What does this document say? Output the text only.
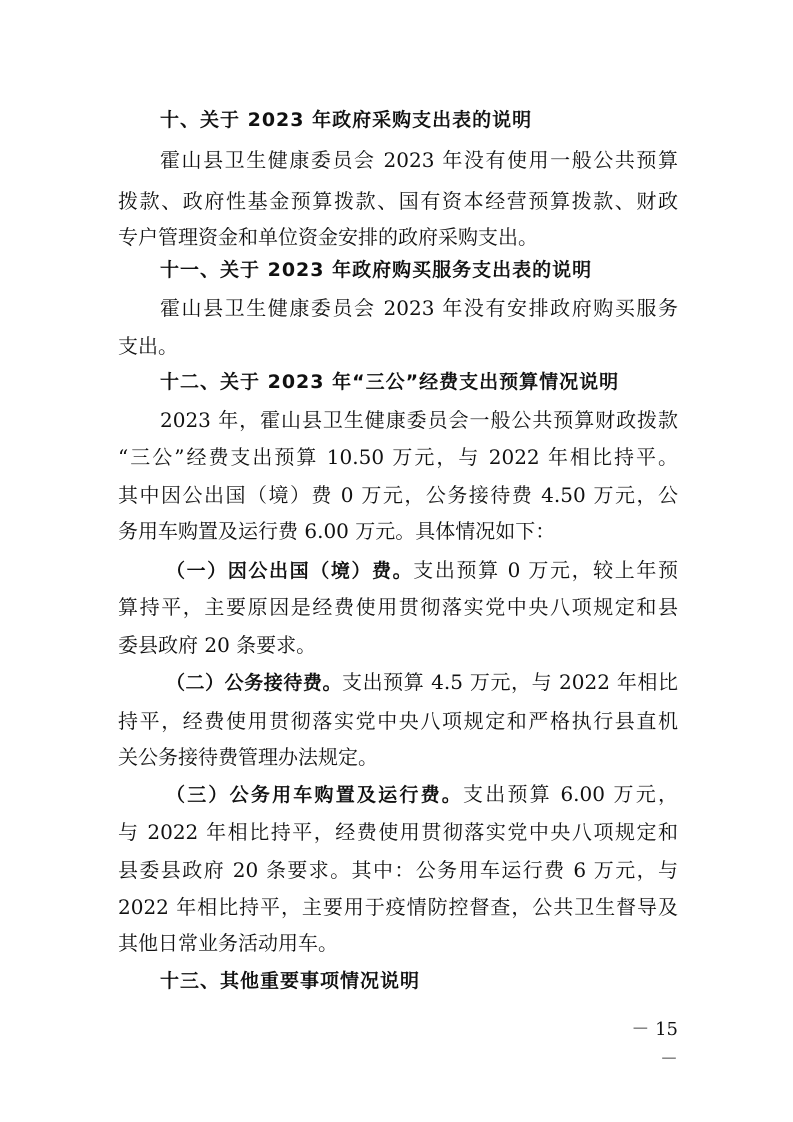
十、关于 2023 年政府采购支出表的说明
霍山县卫生健康委员会 2023 年没有使用一般公共预算
拨款、政府性基金预算拨款、国有资本经营预算拨款、财政
专户管理资金和单位资金安排的政府采购支出。
十一、关于 2023 年政府购买服务支出表的说明
霍山县卫生健康委员会 2023 年没有安排政府购买服务
支出。
十二、关于 2023 年“三公”经费支出预算情况说明
2023 年，霍山县卫生健康委员会一般公共预算财政拨款
“三公”经费支出预算 10.50 万元，与 2022 年相比持平。
其中因公出国（境）费 0 万元，公务接待费 4.50 万元，公
务用车购置及运行费 6.00 万元。具体情况如下：
（一）因公出国（境）费。支出预算 0 万元，较上年预
算持平，主要原因是经费使用贯彻落实党中央八项规定和县
委县政府 20 条要求。
（二）公务接待费。支出预算 4.5 万元，与 2022 年相比
持平，经费使用贯彻落实党中央八项规定和严格执行县直机
关公务接待费管理办法规定。
（三）公务用车购置及运行费。支出预算 6.00 万元，
与 2022 年相比持平，经费使用贯彻落实党中央八项规定和
县委县政府 20 条要求。其中：公务用车运行费 6 万元，与
2022 年相比持平，主要用于疫情防控督查，公共卫生督导及
其他日常业务活动用车。
十三、其他重要事项情况说明
－ 15 －
